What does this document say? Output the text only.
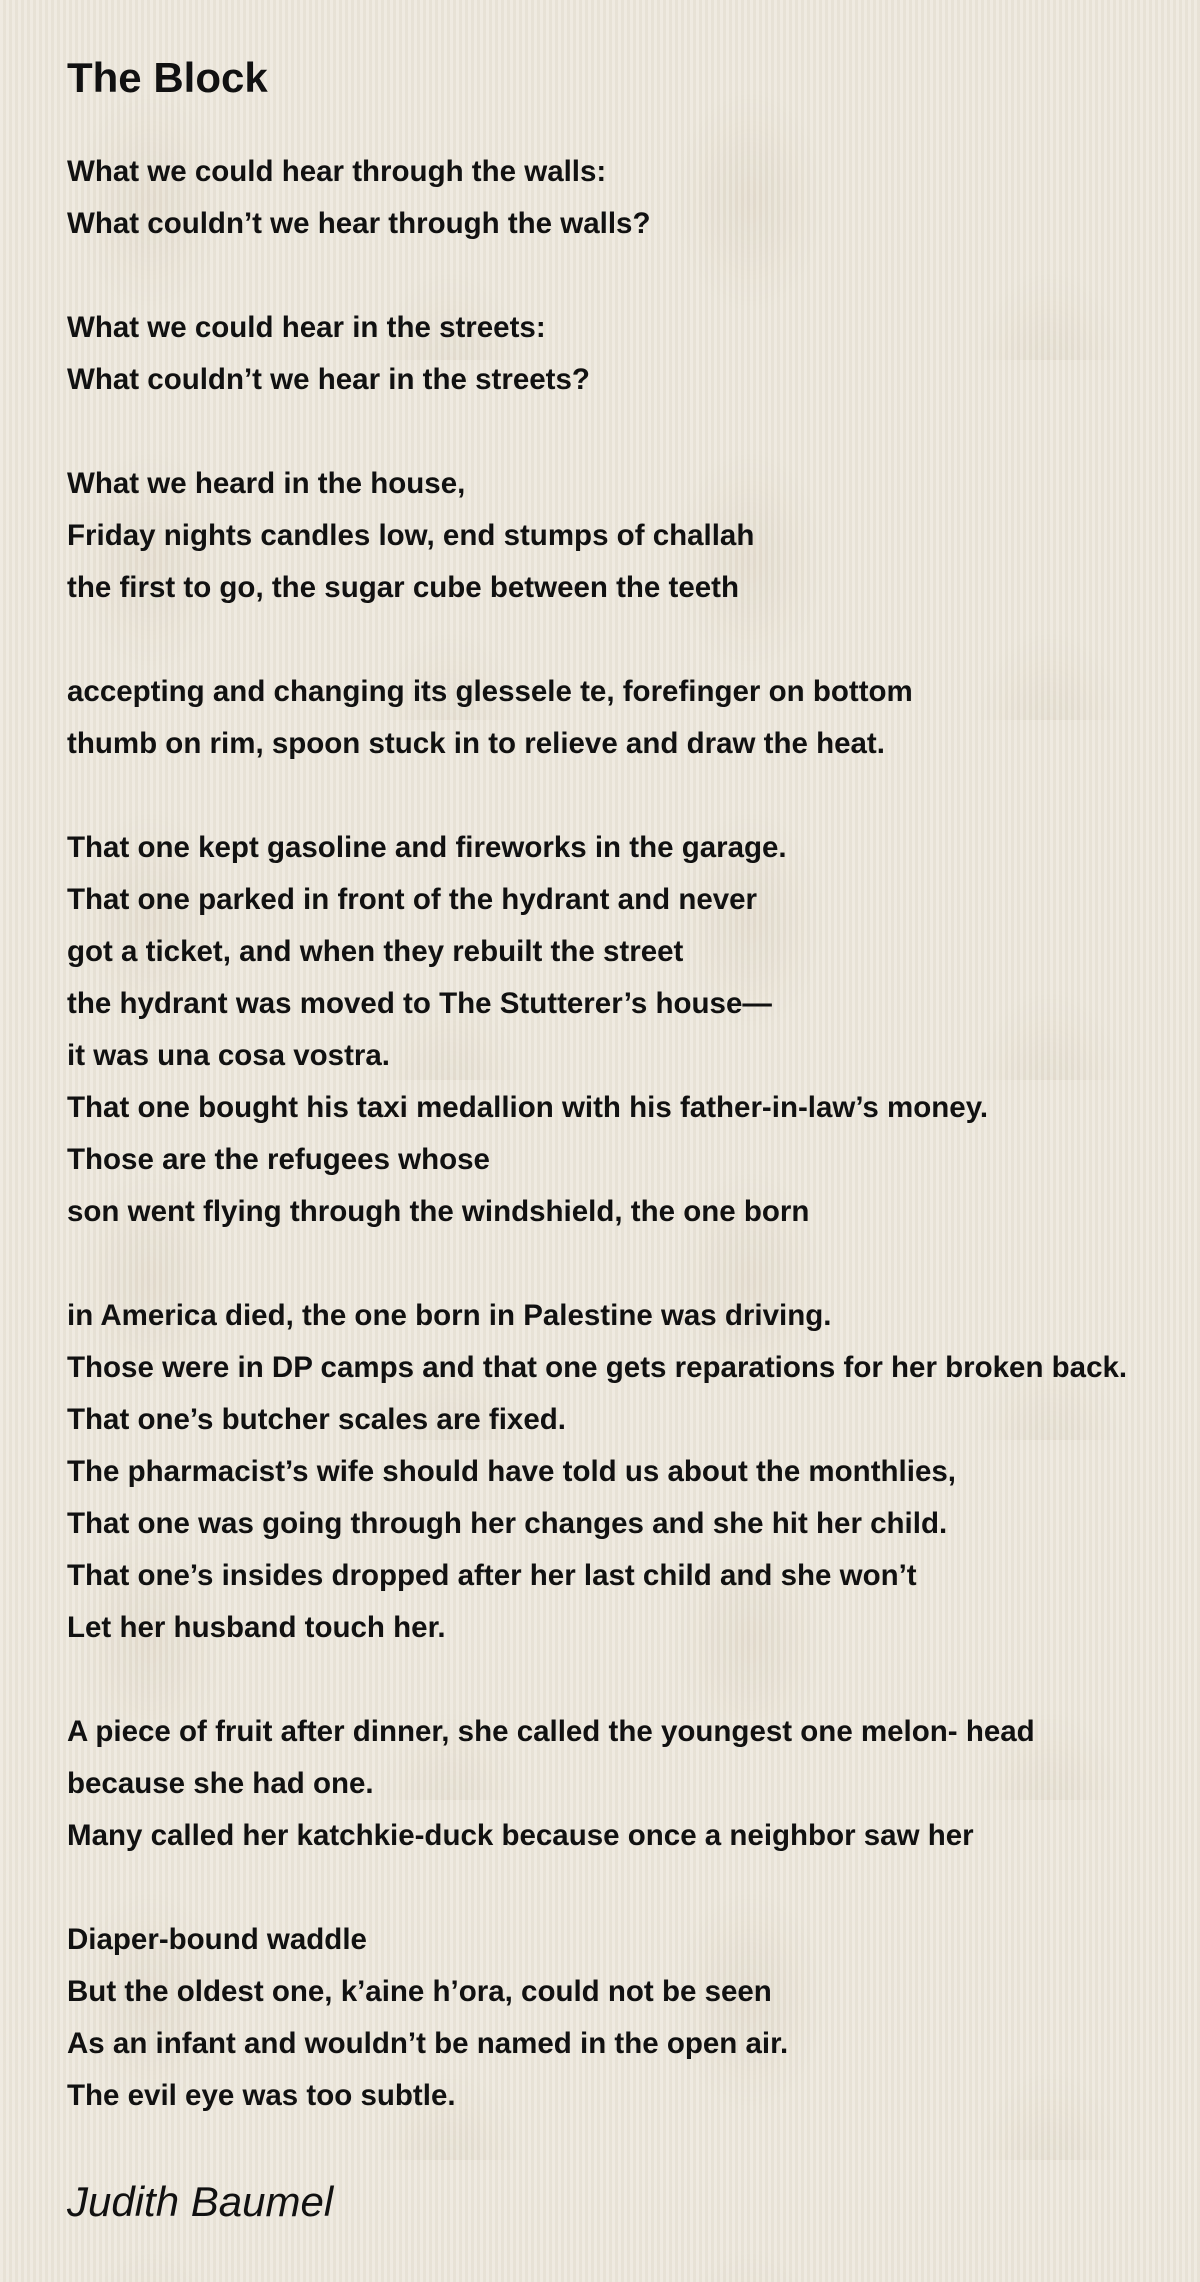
The Block
What we could hear through the walls:
What couldn’t we hear through the walls?
What we could hear in the streets:
What couldn’t we hear in the streets?
What we heard in the house,
Friday nights candles low, end stumps of challah
the first to go, the sugar cube between the teeth
accepting and changing its glessele te, forefinger on bottom
thumb on rim, spoon stuck in to relieve and draw the heat.
That one kept gasoline and fireworks in the garage.
That one parked in front of the hydrant and never
got a ticket, and when they rebuilt the street
the hydrant was moved to The Stutterer’s house—
it was una cosa vostra.
That one bought his taxi medallion with his father-in-law’s money.
Those are the refugees whose
son went flying through the windshield, the one born
in America died, the one born in Palestine was driving.
Those were in DP camps and that one gets reparations for her broken back.
That one’s butcher scales are fixed.
The pharmacist’s wife should have told us about the monthlies,
That one was going through her changes and she hit her child.
That one’s insides dropped after her last child and she won’t
Let her husband touch her.
A piece of fruit after dinner, she called the youngest one melon- head
because she had one.
Many called her katchkie-duck because once a neighbor saw her
Diaper-bound waddle
But the oldest one, k’aine h’ora, could not be seen
As an infant and wouldn’t be named in the open air.
The evil eye was too subtle.
Judith Baumel
